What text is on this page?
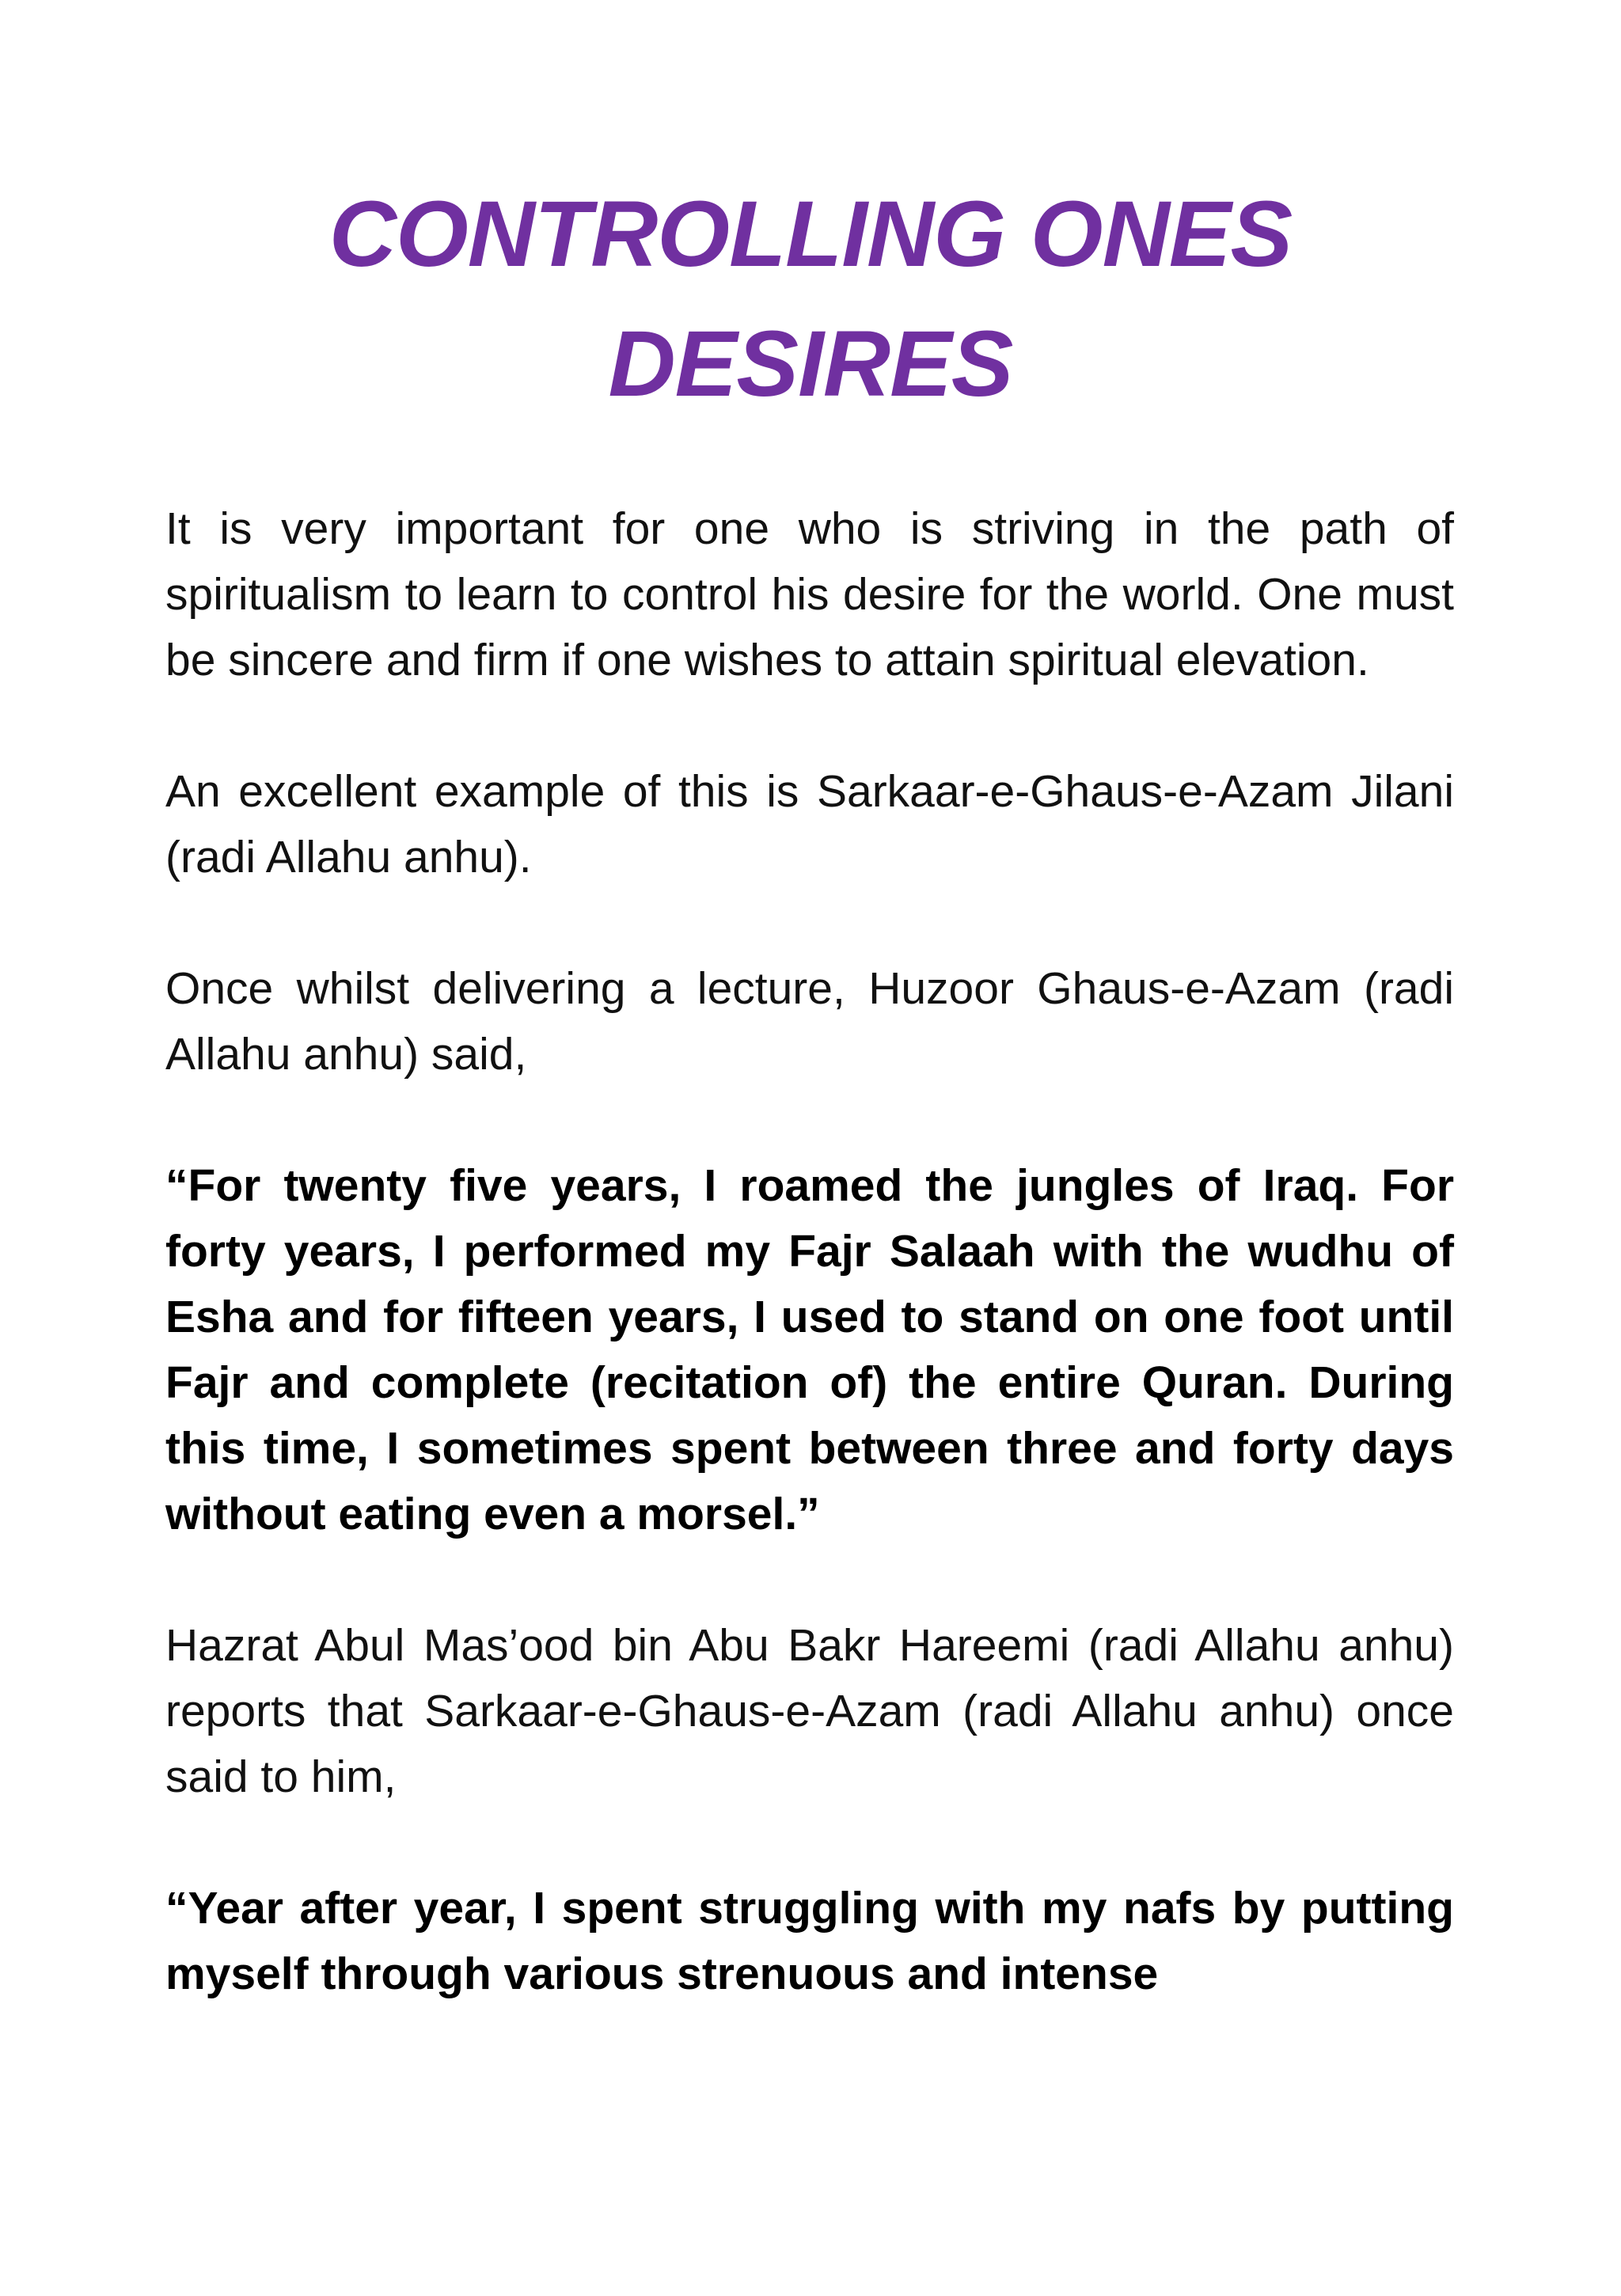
CONTROLLING ONES
DESIRES

It is very important for one who is striving in the path of spiritualism to learn to control his desire for the world. One must be sincere and firm if one wishes to attain spiritual elevation.

An excellent example of this is Sarkaar-e-Ghaus-e-Azam Jilani (radi Allahu anhu).

Once whilst delivering a lecture, Huzoor Ghaus-e-Azam (radi Allahu anhu) said,

“For twenty five years, I roamed the jungles of Iraq. For forty years, I performed my Fajr Salaah with the wudhu of Esha and for fifteen years, I used to stand on one foot until Fajr and complete (recitation of) the entire Quran. During this time, I sometimes spent between three and forty days without eating even a morsel.”

Hazrat Abul Mas’ood bin Abu Bakr Hareemi (radi Allahu anhu) reports that Sarkaar-e-Ghaus-e-Azam (radi Allahu anhu) once said to him,

“Year after year, I spent struggling with my nafs by putting myself through various strenuous and intense
